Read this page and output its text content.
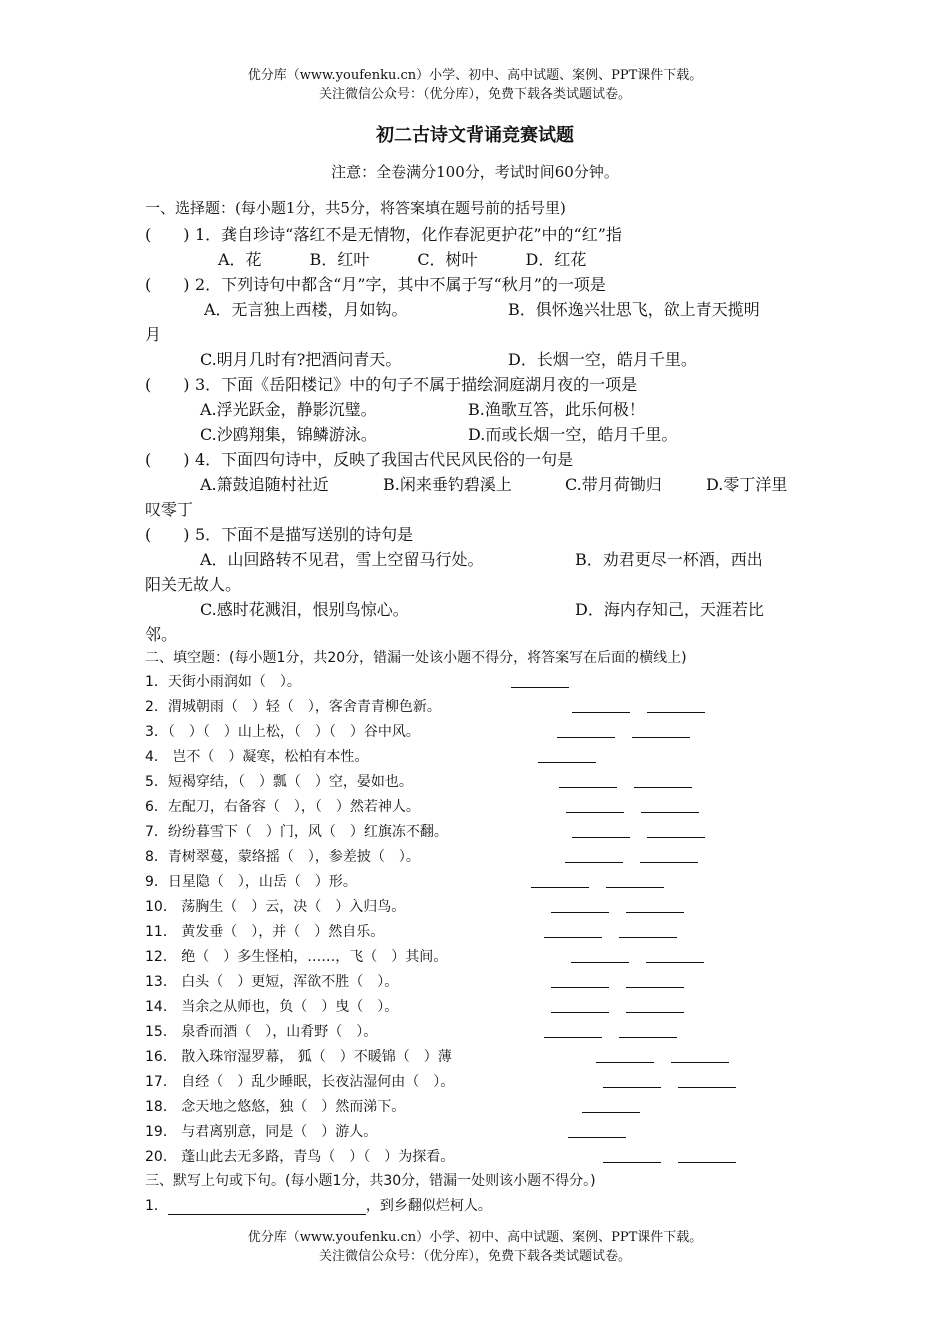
优分库（www.youfenku.cn）小学、初中、高中试题、案例、PPT课件下载。
关注微信公众号：（优分库），免费下载各类试题试卷。
初二古诗文背诵竞赛试题
注意：全卷满分100分，考试时间60分钟。
一、选择题：(每小题1分，共5分，将答案填在题号前的括号里)
(　　) 1．龚自珍诗“落红不是无情物，化作春泥更护花”中的“红”指
A．花　　　B．红叶　　　C．树叶　　　D．红花
(　　) 2．下列诗句中都含“月”字，其中不属于写“秋月”的一项是
A．无言独上西楼，月如钩。	B．俱怀逸兴壮思飞，欲上青天揽明
月
C.明月几时有?把酒问青天。	D．长烟一空，皓月千里。
(　　) 3．下面《岳阳楼记》中的句子不属于描绘洞庭湖月夜的一项是
A.浮光跃金，静影沉璧。	B.渔歌互答，此乐何极！
C.沙鸥翔集，锦鳞游泳。	D.而或长烟一空，皓月千里。
(　　) 4．下面四句诗中，反映了我国古代民风民俗的一句是
A.箫鼓追随村社近	B.闲来垂钓碧溪上	C.带月荷锄归	D.零丁洋里
叹零丁
(　　) 5．下面不是描写送别的诗句是
A．山回路转不见君，雪上空留马行处。	B．劝君更尽一杯酒，西出
阳关无故人。
C.感时花溅泪，恨别鸟惊心。	D．海内存知己，天涯若比
邻。
二、填空题：(每小题1分，共20分，错漏一处该小题不得分，将答案写在后面的横线上)
1．天街小雨润如（　）。
2．渭城朝雨（　）轻（　），客舍青青柳色新。
3．（　）（　）山上松，（　）（　）谷中风。
4． 岂不（　）凝寒，松柏有本性。
5．短褐穿结，（　）瓢（　）空，晏如也。
6．左配刀，右备容（　），（　）然若神人。
7．纷纷暮雪下（　）门，风（　）红旗冻不翻。
8．青树翠蔓，蒙络摇（　），参差披（　）。
9．日星隐（　），山岳（　）形。
10． 荡胸生（　）云，决（　）入归鸟。
11． 黄发垂（　），并（　）然自乐。
12． 绝（　）多生怪柏，……，飞（　）其间。
13． 白头（　）更短，浑欲不胜（　）。
14． 当余之从师也，负（　）曳（　）。
15． 泉香而酒（　），山肴野（　）。
16． 散入珠帘湿罗幕， 狐（　）不暖锦（　）薄
17． 自经（　）乱少睡眠，长夜沾湿何由（　）。
18． 念天地之悠悠，独（　）然而涕下。
19． 与君离别意，同是（　）游人。
20． 蓬山此去无多路，青鸟（　）（　）为探看。
三、默写上句或下句。(每小题1分，共30分，错漏一处则该小题不得分。)
1．	，到乡翻似烂柯人。
优分库（www.youfenku.cn）小学、初中、高中试题、案例、PPT课件下载。
关注微信公众号：（优分库），免费下载各类试题试卷。
